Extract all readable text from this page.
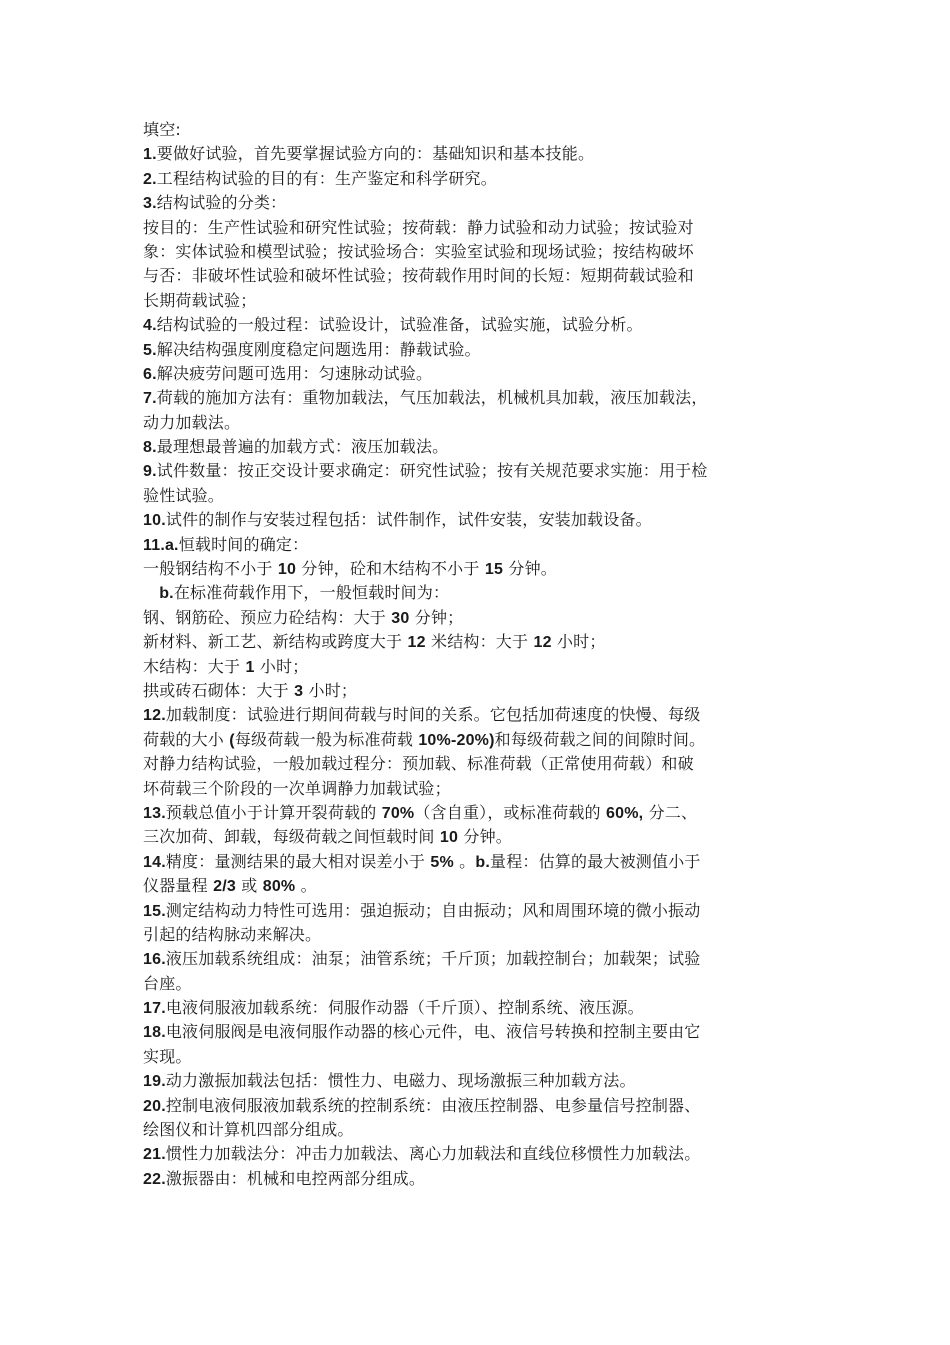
填空:
1.要做好试验，首先要掌握试验方向的：基础知识和基本技能。
2.工程结构试验的目的有：生产鉴定和科学研究。
3.结构试验的分类：
按目的：生产性试验和研究性试验；按荷载：静力试验和动力试验；按试验对
象：实体试验和模型试验；按试验场合：实验室试验和现场试验；按结构破坏
与否：非破坏性试验和破坏性试验；按荷载作用时间的长短：短期荷载试验和
长期荷载试验；
4.结构试验的一般过程：试验设计，试验准备，试验实施，试验分析。
5.解决结构强度刚度稳定问题选用：静载试验。
6.解决疲劳问题可选用：匀速脉动试验。
7.荷载的施加方法有：重物加载法，气压加载法，机械机具加载，液压加载法，
动力加载法。
8.最理想最普遍的加载方式：液压加载法。
9.试件数量：按正交设计要求确定：研究性试验；按有关规范要求实施：用于检
验性试验。
10.试件的制作与安装过程包括：试件制作，试件安装，安装加载设备。
11.a.恒载时间的确定：
一般钢结构不小于 10 分钟，砼和木结构不小于 15 分钟。
　b.在标准荷载作用下，一般恒载时间为：
钢、钢筋砼、预应力砼结构：大于 30 分钟；
新材料、新工艺、新结构或跨度大于 12 米结构：大于 12 小时；
木结构：大于 1 小时；
拱或砖石砌体：大于 3 小时；
12.加载制度：试验进行期间荷载与时间的关系。它包括加荷速度的快慢、每级
荷载的大小 (每级荷载一般为标准荷载 10%-20%)和每级荷载之间的间隙时间。
对静力结构试验，一般加载过程分：预加载、标准荷载（正常使用荷载）和破
坏荷载三个阶段的一次单调静力加载试验；
13.预载总值小于计算开裂荷载的 70%（含自重），或标准荷载的 60%, 分二、
三次加荷、卸载，每级荷载之间恒载时间 10 分钟。
14.精度：量测结果的最大相对误差小于 5% 。b.量程：估算的最大被测值小于
仪器量程 2/3 或 80% 。
15.测定结构动力特性可选用：强迫振动；自由振动；风和周围环境的微小振动
引起的结构脉动来解决。
16.液压加载系统组成：油泵；油管系统；千斤顶；加载控制台；加载架；试验
台座。
17.电液伺服液加载系统：伺服作动器（千斤顶）、控制系统、液压源。
18.电液伺服阀是电液伺服作动器的核心元件，电、液信号转换和控制主要由它
实现。
19.动力激振加载法包括：惯性力、电磁力、现场激振三种加载方法。
20.控制电液伺服液加载系统的控制系统：由液压控制器、电参量信号控制器、
绘图仪和计算机四部分组成。
21.惯性力加载法分：冲击力加载法、离心力加载法和直线位移惯性力加载法。
22.激振器由：机械和电控两部分组成。
